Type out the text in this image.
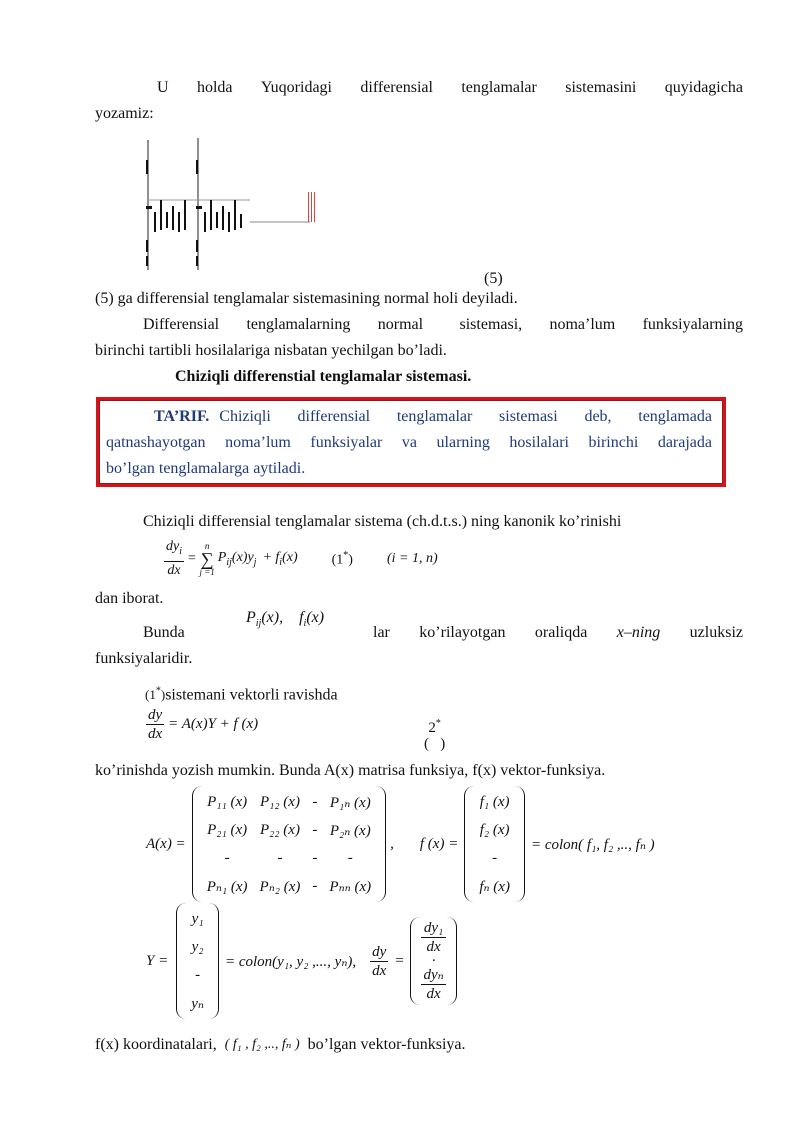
U holda Yuqoridagi differensial tenglamalar sistemasini quyidagicha
yozamiz:
(5)
(5) ga differensial tenglamalar sistemasining normal holi deyiladi.
Differensial   tenglamalarning   normal    sistemasi,   noma’lum   funksiyalarning
birinchi tartibli hosilalariga nisbatan yechilgan bo’ladi.
Chiziqli differenstial tenglamalar sistemasi.
TA’RIF. Chiziqli  differensial  tenglamalar  sistemasi  deb,  tenglamada
qatnashayotgan  noma’lum  funksiyalar  va  ularning  hosilalari  birinchi  darajada
bo’lgan tenglamalarga aytiladi.
Chiziqli differensial tenglamalar sistema (ch.d.t.s.) ning kanonik ko’rinishi
$\frac{dy_i}{dx}$ =
n
∑
j =1
$P_{ij}(x)y_j + f_i(x)$ (1*) (i = 1, n)
dan iborat.
Bunda
$P_{ij}(x)$,    $f_i(x)$
lar ko’rilayotgan oraliqda x–ning uzluksiz
funksiyalaridir.
(1*)sistemani vektorli ravishda
$\frac{dy}{dx} = A(x)Y + f$ (x)	2*
(   )
ko’rinishda yozish mumkin. Bunda A(x) matrisa funksiya, f(x) vektor-funksiya.
A(x) =
P₁₁ (x)	P₁₂ (x)	-	P₁ₙ (x)
P₂₁ (x)	P₂₂ (x)	-	P₂ₙ (x)
-	-	-	-
Pₙ₁ (x)	Pₙ₂ (x)	-	Pₙₙ (x)
, f (x) =
f₁ (x)
f₂ (x)
-
fₙ (x)
= colon( f₁, f₂ ,.., fₙ )
Y =
y₁
y₂
-
yₙ
= colon(y₁, y₂ ,..., yₙ), $\frac{dy}{dx}$ =
dy₁
dx
·
dyₙ
dx
f(x) koordinatalari, ( f₁ , f₂ ,.., fₙ ) bo’lgan vektor-funksiya.
